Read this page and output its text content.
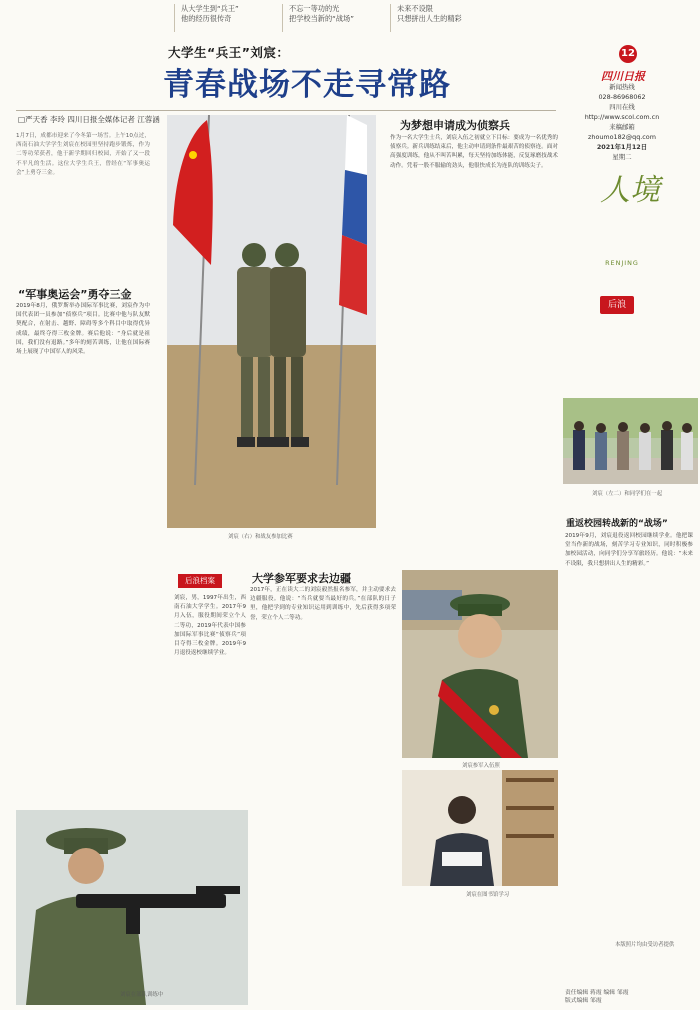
从大学生到“兵王”
他的经历很传奇
不忘一等功的光
把学校当新的“战场”
未来不设限
只想拼出人生的精彩
大学生“兵王”刘宸：
青春战场不走寻常路
□严天香 李玲 四川日报全媒体记者 江蓉涵
1月7日，成都市迎来了今冬第一场雪。上午10点过，西南石油大学学生刘宸在校园里坚持跑步锻炼，作为二等功荣获者，他于新学期回归校园，开始了又一段不平凡的生活。这位大学生兵王，曾经在“军事奥运会”上勇夺三金。
“军事奥运会”勇夺三金
2019年8月，俄罗斯举办国际军事比赛，刘宸作为中国代表团一员参加“侦察兵”项目。比赛中他与队友默契配合，在射击、越野、障碍等多个科目中取得优异成绩，最终夺得三枚金牌。赛后他说：“身后就是祖国，我们没有退路。”多年的刻苦训练，让他在国际赛场上展现了中国军人的风采。
刘宸（右）和战友参加比赛
为梦想申请成为侦察兵
作为一名大学生士兵，刘宸入伍之初就立下目标：要成为一名优秀的侦察兵。新兵训练结束后，他主动申请到条件最艰苦的侦察连。面对高强度训练，他从不叫苦叫累，每天坚持加练体能，反复琢磨技战术动作。凭着一股不服输的劲头，他很快成长为连队的训练尖子。
12
四川日报
新闻热线
028-86968062
四川在线
http://www.scol.com.cn
来稿邮箱
zhoumo182@qq.com
2021年1月12日
星期二
人境
RENJING
后浪
刘宸（左二）和同学们在一起
重返校园转战新的“战场”
2019年9月，刘宸退役返回校园继续学业。他把课堂当作新的战场，刻苦学习专业知识，同时积极参加校园活动，向同学们分享军旅经历。他说：“未来不设限，我只想拼出人生的精彩。”
本版照片均由受访者提供
后浪档案
刘宸，男，1997年出生，西南石油大学学生。2017年9月入伍，服役期间荣立个人二等功，2019年代表中国参加国际军事比赛“侦察兵”项目夺得三枚金牌。2019年9月退役返校继续学业。
大学参军要求去边疆
2017年，正在读大二的刘宸毅然报名参军，并主动要求去边疆服役。他说：“当兵就要当最好的兵。”在部队的日子里，他把学到的专业知识运用到训练中，先后获得多项荣誉，荣立个人二等功。
刘宸参军入伍照
刘宸在图书馆学习
刘宸在部队训练中	责任编辑 蒋霞 编辑 邹霞
版式编辑 邹霞
